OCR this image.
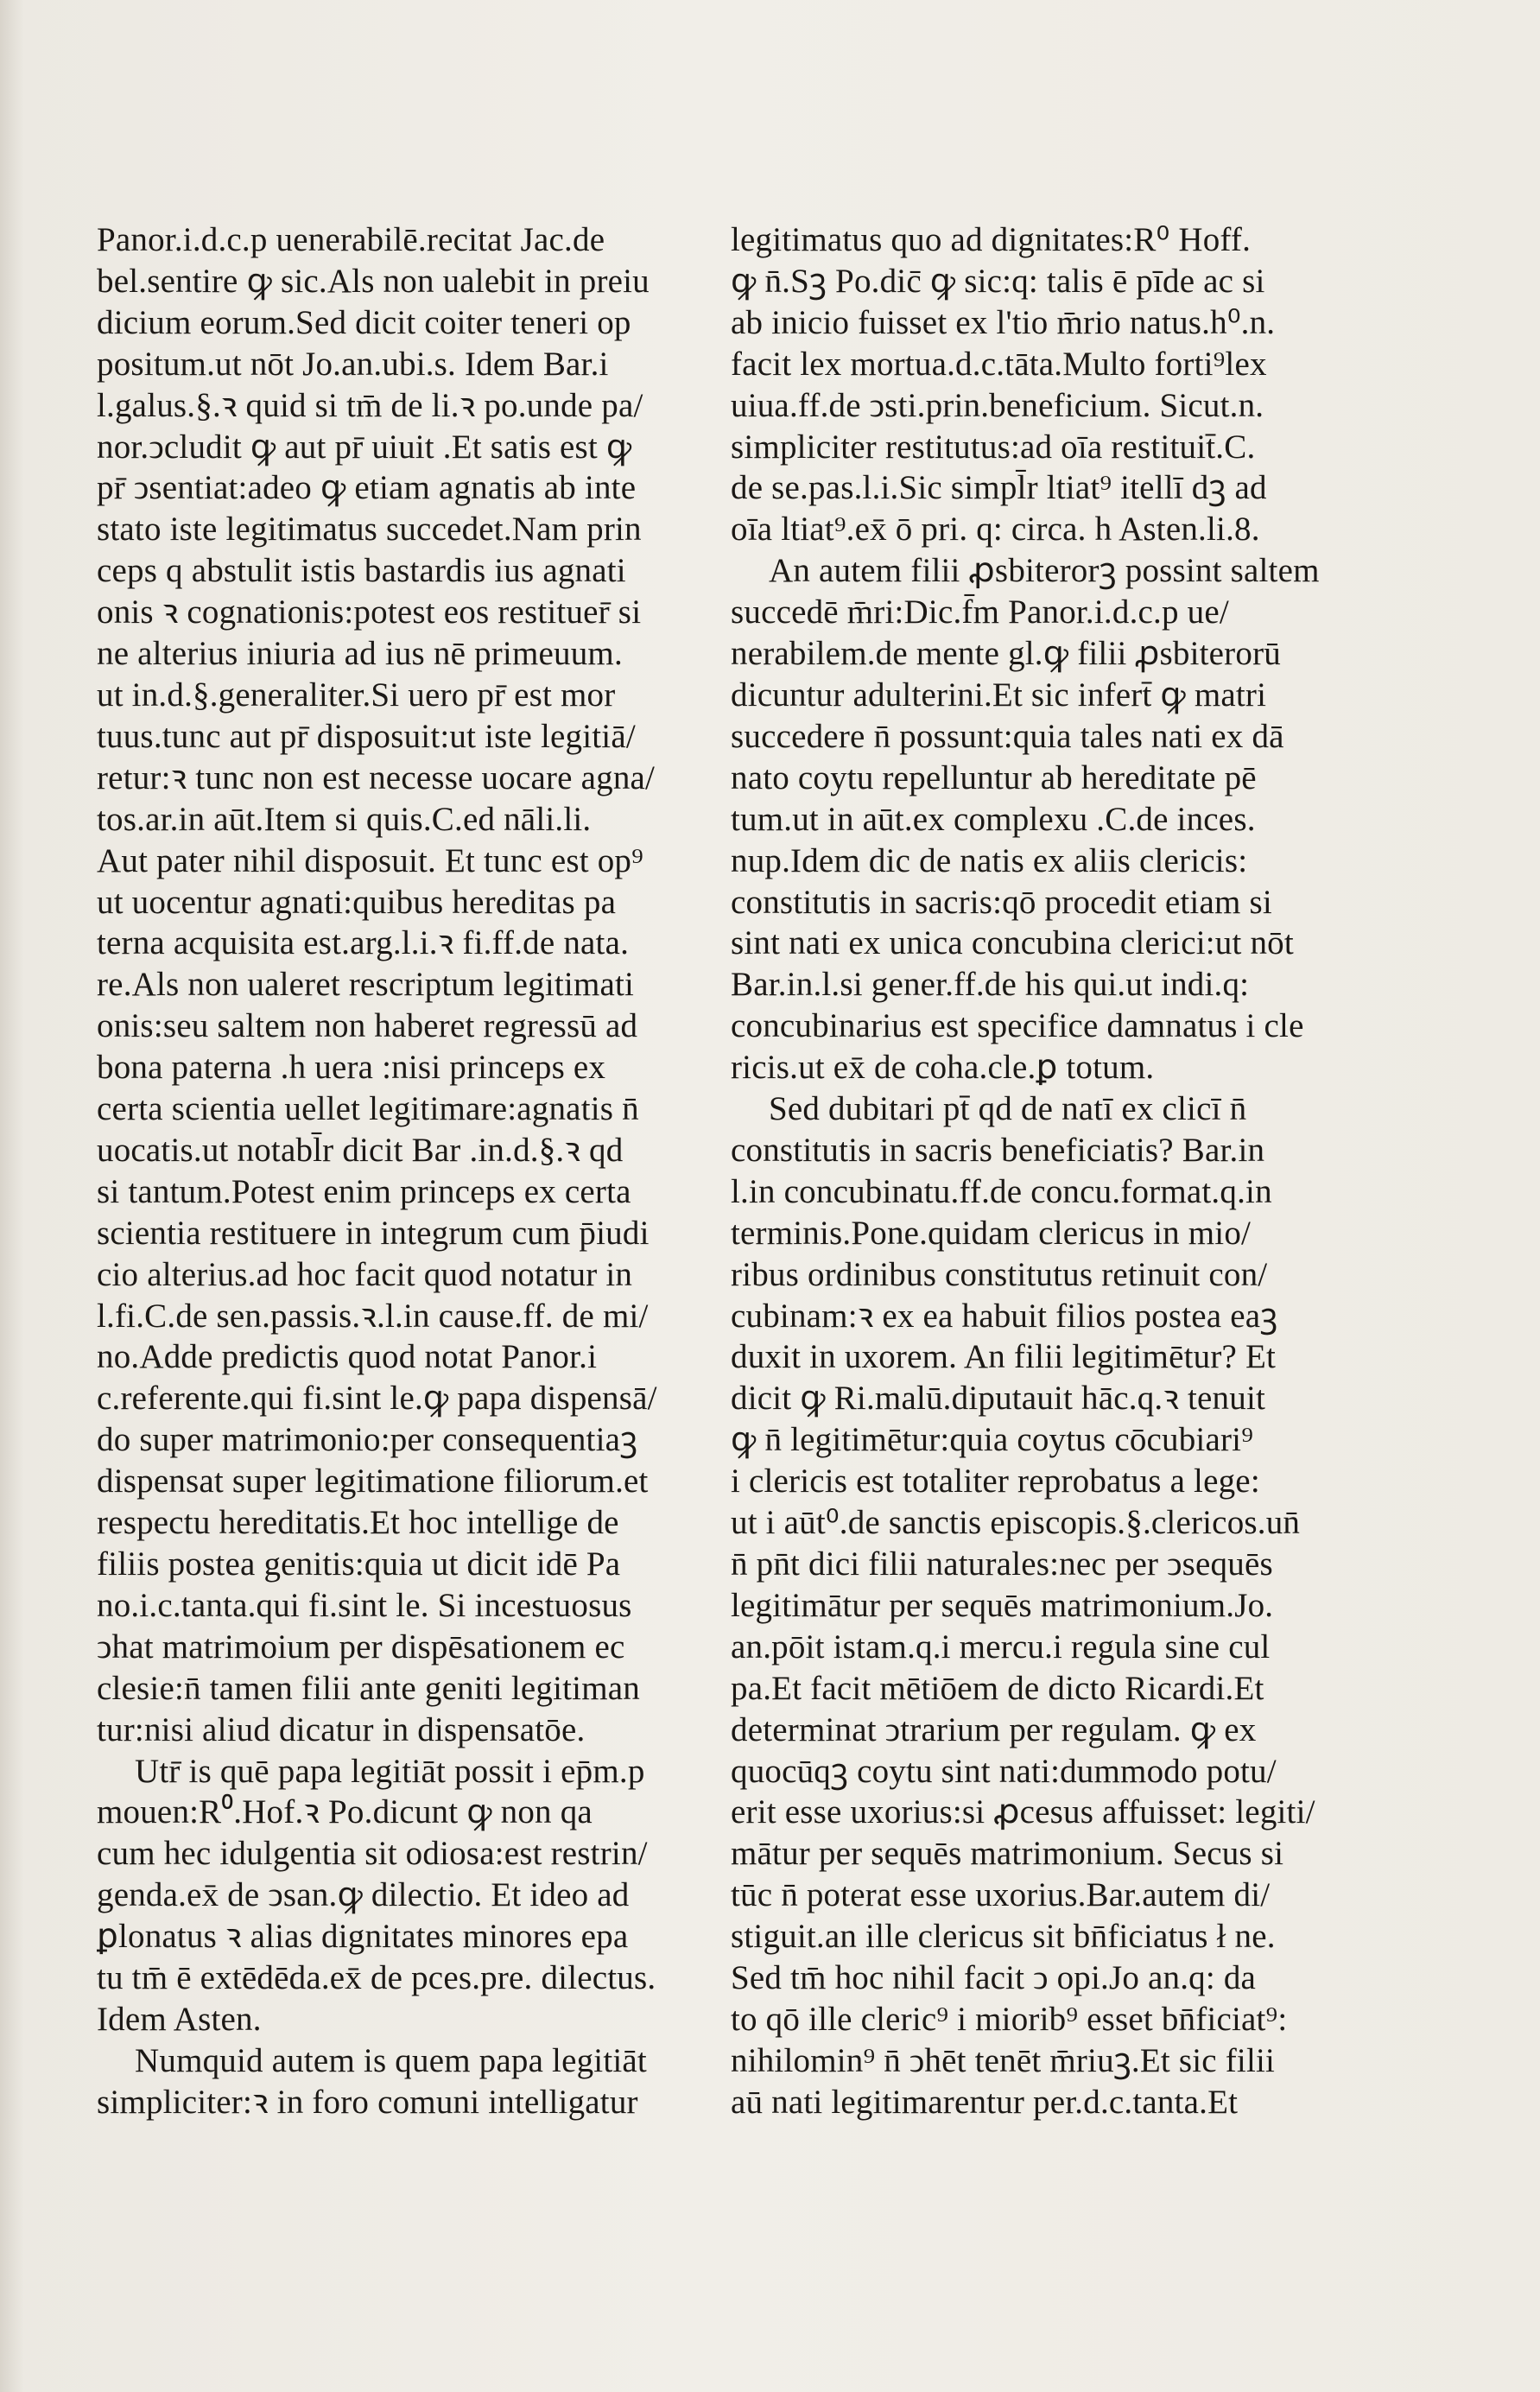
Panor.i.d.c.p uenerabilē.recitat Jac.de
bel.sentire ꝙ sic.Als non ualebit in preiu
dicium eorum.Sed dicit coiter teneri op
positum.ut nōt Jo.an.ubi.s. Idem Bar.i
l.galus.§.ꝛ quid si tm̄ de li.ꝛ po.unde pa/
nor.ↄcludit ꝙ aut pr̄ uiuit .Et satis est ꝙ
pr̄ ↄsentiat:adeo ꝙ etiam agnatis ab inte
stato iste legitimatus succedet.Nam prin
ceps q abstulit istis bastardis ius agnati
onis ꝛ cognationis:potest eos restituer̄ si
ne alterius iniuria ad ius nē primeuum.
ut in.d.§.generaliter.Si uero pr̄ est mor
tuus.tunc aut pr̄ disposuit:ut iste legitiā/
retur:ꝛ tunc non est necesse uocare agna/
tos.ar.in aūt.Item si quis.C.ed nāli.li.
Aut pater nihil disposuit. Et tunc est op⁹
ut uocentur agnati:quibus hereditas pa
terna acquisita est.arg.l.i.ꝛ fi.ff.de nata.
re.Als non ualeret rescriptum legitimati
onis:seu saltem non haberet regressū ad
bona paterna .h uera :nisi princeps ex
certa scientia uellet legitimare:agnatis n̄
uocatis.ut notabl̄r dicit Bar .in.d.§.ꝛ qd
si tantum.Potest enim princeps ex certa
scientia restituere in integrum cum p̄iudi
cio alterius.ad hoc facit quod notatur in
l.fi.C.de sen.passis.ꝛ.l.in cause.ff. de mi/
no.Adde predictis quod notat Panor.i
c.referente.qui fi.sint le.ꝙ papa dispensā/
do super matrimonio:per consequentiaꝫ
dispensat super legitimatione filiorum.et
respectu hereditatis.Et hoc intellige de
filiis postea genitis:quia ut dicit idē Pa
no.i.c.tanta.qui fi.sint le. Si incestuosus
ↄhat matrimoium per dispēsationem ec
clesie:n̄ tamen filii ante geniti legitiman
tur:nisi aliud dicatur in dispensatōe.
Utr̄ is quē papa legitiāt possit i ep̄m.p
mouen:R⁰.Hof.ꝛ Po.dicunt ꝙ non qa
cum hec idulgentia sit odiosa:est restrin/
genda.ex̄ de ↄsan.ꝙ dilectio. Et ideo ad
ꝑlonatus ꝛ alias dignitates minores epa
tu tm̄ ē extēdēda.ex̄ de pces.pre. dilectus.
Idem Asten.
Numquid autem is quem papa legitiāt
simpliciter:ꝛ in foro comuni intelligatur
legitimatus quo ad dignitates:R⁰ Hoff.
ꝙ n̄.Sꝫ Po.dic̄ ꝙ sic:q: talis ē pīde ac si
ab inicio fuisset ex l'tio m̄rio natus.h⁰.n.
facit lex mortua.d.c.tāta.Multo forti⁹lex
uiua.ff.de ↄsti.prin.beneficium. Sicut.n.
simpliciter restitutus:ad oīa restituit̄.C.
de se.pas.l.i.Sic simpl̄r ltiat⁹ itellī dꝫ ad
oīa ltiat⁹.ex̄ ō pri. q: circa. h Asten.li.8.
An autem filii ꝓsbiterorꝫ possint saltem
succedē m̄ri:Dic.f̄m Panor.i.d.c.p ue/
nerabilem.de mente gl.ꝙ filii ꝓsbiterorū
dicuntur adulterini.Et sic infert̄ ꝙ matri
succedere n̄ possunt:quia tales nati ex dā
nato coytu repelluntur ab hereditate pē
tum.ut in aūt.ex complexu .C.de inces.
nup.Idem dic de natis ex aliis clericis:
constitutis in sacris:qō procedit etiam si
sint nati ex unica concubina clerici:ut nōt
Bar.in.l.si gener.ff.de his qui.ut indi.q:
concubinarius est specifice damnatus i cle
ricis.ut ex̄ de coha.cle.ꝑ totum.
Sed dubitari pt̄ qd de natī ex clicī n̄
constitutis in sacris beneficiatis? Bar.in
l.in concubinatu.ff.de concu.format.q.in
terminis.Pone.quidam clericus in mio/
ribus ordinibus constitutus retinuit con/
cubinam:ꝛ ex ea habuit filios postea eaꝫ
duxit in uxorem. An filii legitimētur? Et
dicit ꝙ Ri.malū.diputauit hāc.q.ꝛ tenuit
ꝙ n̄ legitimētur:quia coytus cōcubiari⁹
i clericis est totaliter reprobatus a lege:
ut i aūt⁰.de sanctis episcopis.§.clericos.un̄
n̄ pn̄t dici filii naturales:nec per ↄsequēs
legitimātur per sequēs matrimonium.Jo.
an.pōit istam.q.i mercu.i regula sine cul
pa.Et facit mētiōem de dicto Ricardi.Et
determinat ↄtrarium per regulam. ꝙ ex
quocūqꝫ coytu sint nati:dummodo potu/
erit esse uxorius:si ꝓcesus affuisset: legiti/
mātur per sequēs matrimonium. Secus si
tūc n̄ poterat esse uxorius.Bar.autem di/
stiguit.an ille clericus sit bn̄ficiatus ł ne.
Sed tm̄ hoc nihil facit ↄ opi.Jo an.q: da
to qō ille cleric⁹ i miorib⁹ esset bn̄ficiat⁹:
nihilomin⁹ n̄ ↄhēt tenēt m̄riuꝫ.Et sic filii
aū nati legitimarentur per.d.c.tanta.Et
